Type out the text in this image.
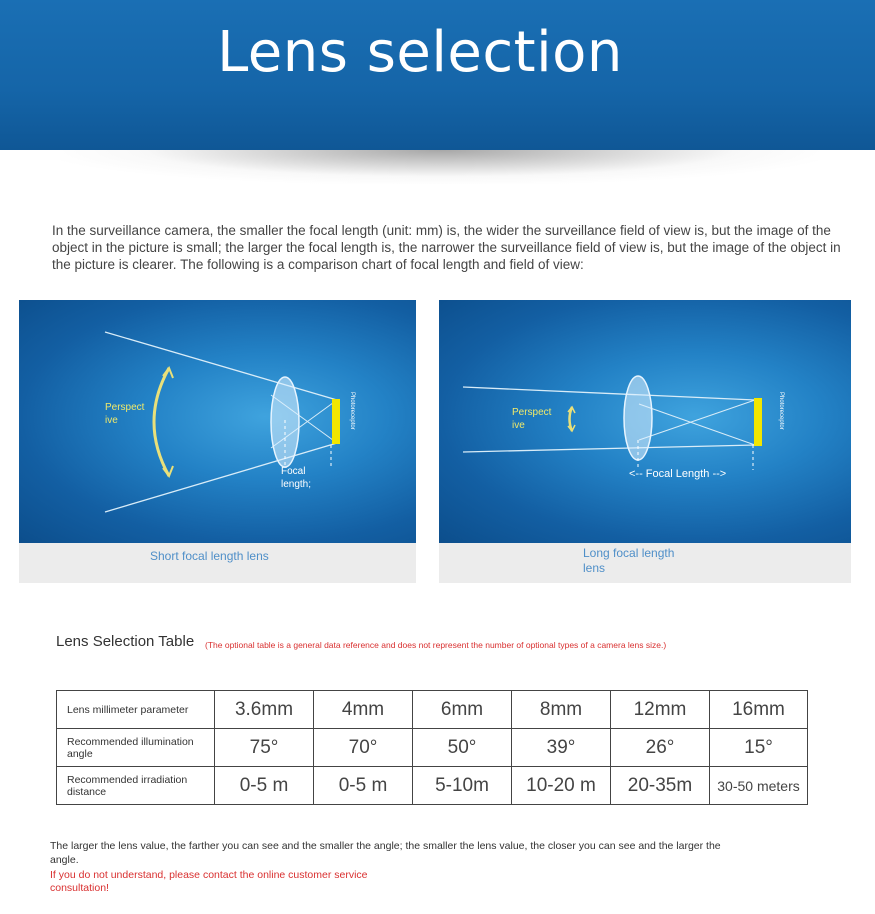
Lens selection
In the surveillance camera, the smaller the focal length (unit: mm) is, the wider the surveillance field of view is, but the image of the object in the picture is small; the larger the focal length is, the narrower the surveillance field of view is, but the image of the object in the picture is clearer. The following is a comparison chart of focal length and field of view:
Perspect
ive
Focal
length;
Photoreceptor
Short focal length lens
Perspect
ive
<-- Focal Length -->
Photoreceptor
Long focal length
lens
Lens Selection Table (The optional table is a general data reference and does not represent the number of optional types of a camera lens size.)
Lens millimeter parameter	3.6mm	4mm	6mm	8mm	12mm	16mm
Recommended illumination angle	75°	70°	50°	39°	26°	15°
Recommended irradiation distance	0-5 m	0-5 m	5-10m	10-20 m	20-35m	30-50 meters
The larger the lens value, the farther you can see and the smaller the angle; the smaller the lens value, the closer you can see and the larger the angle.
If you do not understand, please contact the online customer service consultation!
